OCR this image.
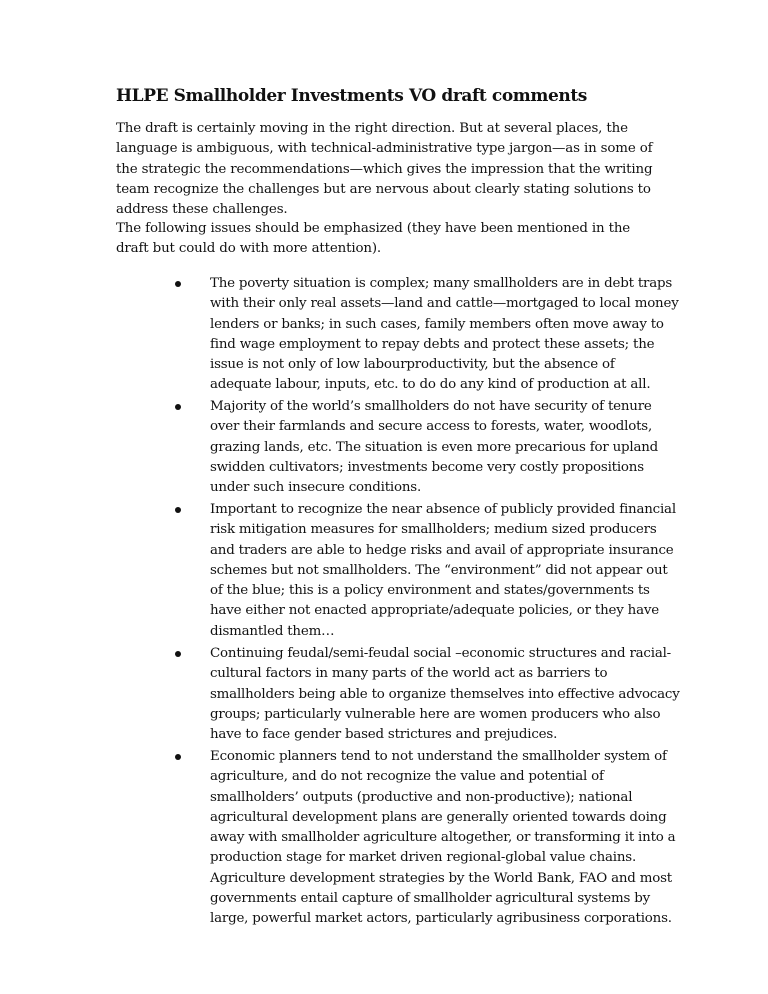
HLPE Smallholder Investments VO draft comments
The draft is certainly moving in the right direction. But at several places, the language is ambiguous, with technical-administrative type jargon—as in some of the strategic the recommendations—which gives the impression that the writing team recognize the challenges but are nervous about clearly stating solutions to address these challenges.
The following issues should be emphasized (they have been mentioned in the draft but could do with more attention).
The poverty situation is complex; many smallholders are in debt traps with their only real assets—land and cattle—mortgaged to local money lenders or banks; in such cases, family members often move away to find wage employment to repay debts and protect these assets; the issue is not only of low labourproductivity, but the absence of adequate labour, inputs, etc. to do do any kind of production at all.
Majority of the world’s smallholders do not have security of tenure over their farmlands and secure access to forests, water, woodlots, grazing lands, etc. The situation is even more precarious for upland swidden cultivators; investments become very costly propositions under such insecure conditions.
Important to recognize the near absence of publicly provided financial risk mitigation measures for smallholders; medium sized producers and traders are able to hedge risks and avail of appropriate insurance schemes but not smallholders. The “environment” did not appear out of the blue; this is a policy environment and states/governments ts have either not enacted appropriate/adequate policies, or they have dismantled them…
Continuing feudal/semi-feudal social –economic structures and racial-cultural factors in many parts of the world act as barriers to smallholders being able to organize themselves into effective advocacy groups; particularly vulnerable here are women producers who also have to face gender based strictures and prejudices.
Economic planners tend to not understand the smallholder system of agriculture, and do not recognize the value and potential of smallholders’ outputs (productive and non-productive); national agricultural development plans are generally oriented towards doing away with smallholder agriculture altogether, or transforming it into a production stage for market driven regional-global value chains. Agriculture development strategies by the World Bank, FAO and most governments entail capture of smallholder agricultural systems by large, powerful market actors, particularly agribusiness corporations.
